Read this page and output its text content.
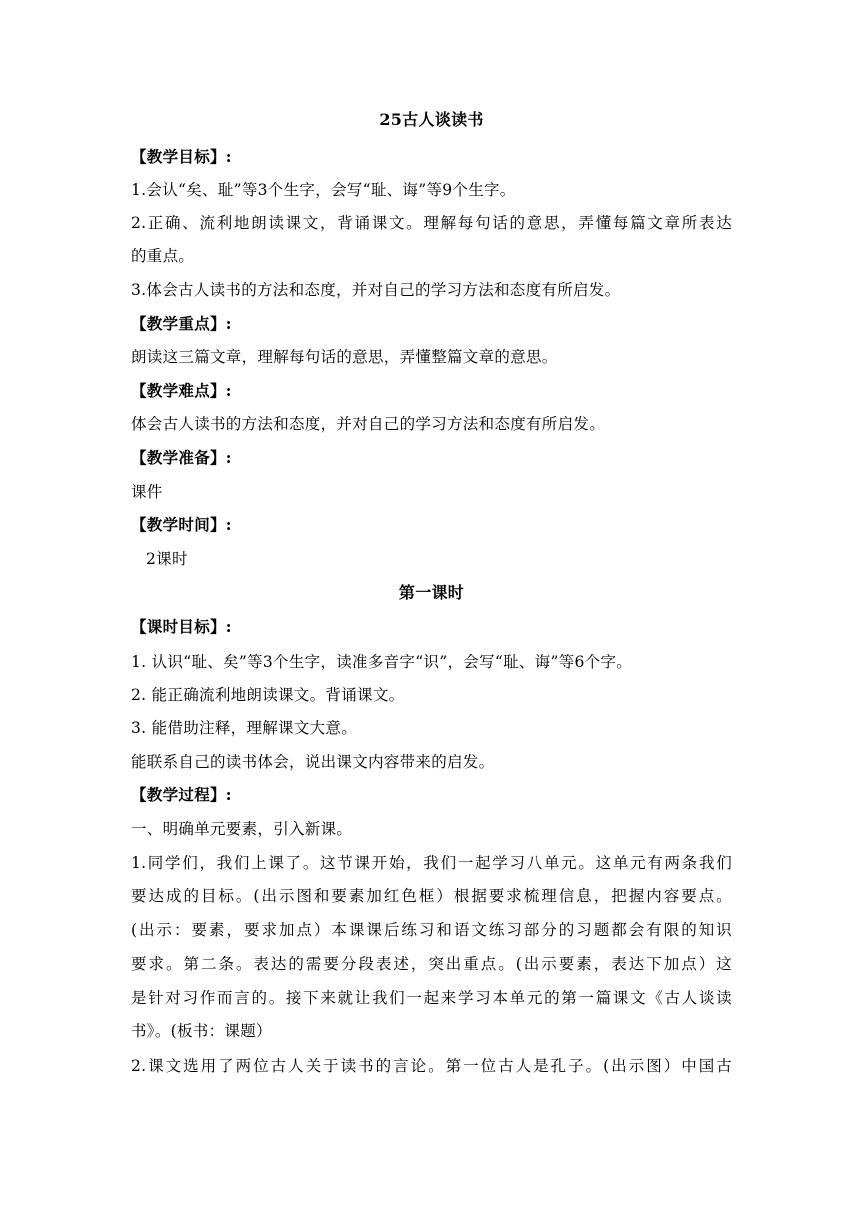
25古人谈读书
【教学目标】:
1.会认“矣、耻”等3个生字，会写“耻、诲”等9个生字。
2.正确、流利地朗读课文，背诵课文。理解每句话的意思，弄懂每篇文章所表达
的重点。
3.体会古人读书的方法和态度，并对自己的学习方法和态度有所启发。
【教学重点】:
朗读这三篇文章，理解每句话的意思，弄懂整篇文章的意思。
【教学难点】:
体会古人读书的方法和态度，并对自己的学习方法和态度有所启发。
【教学准备】:
课件
【教学时间】:
2课时
第一课时
【课时目标】:
1. 认识“耻、矣”等3个生字，读准多音字“识”，会写“耻、诲”等6个字。
2. 能正确流利地朗读课文。背诵课文。
3. 能借助注释，理解课文大意。
能联系自己的读书体会，说出课文内容带来的启发。
【教学过程】:
一、明确单元要素，引入新课。
1.同学们，我们上课了。这节课开始，我们一起学习八单元。这单元有两条我们
要达成的目标。(出示图和要素加红色框）根据要求梳理信息，把握内容要点。
(出示：要素，要求加点）本课课后练习和语文练习部分的习题都会有限的知识
要求。第二条。表达的需要分段表述，突出重点。(出示要素，表达下加点）这
是针对习作而言的。接下来就让我们一起来学习本单元的第一篇课文《古人谈读
书》。(板书：课题）
2.课文选用了两位古人关于读书的言论。第一位古人是孔子。(出示图）中国古
